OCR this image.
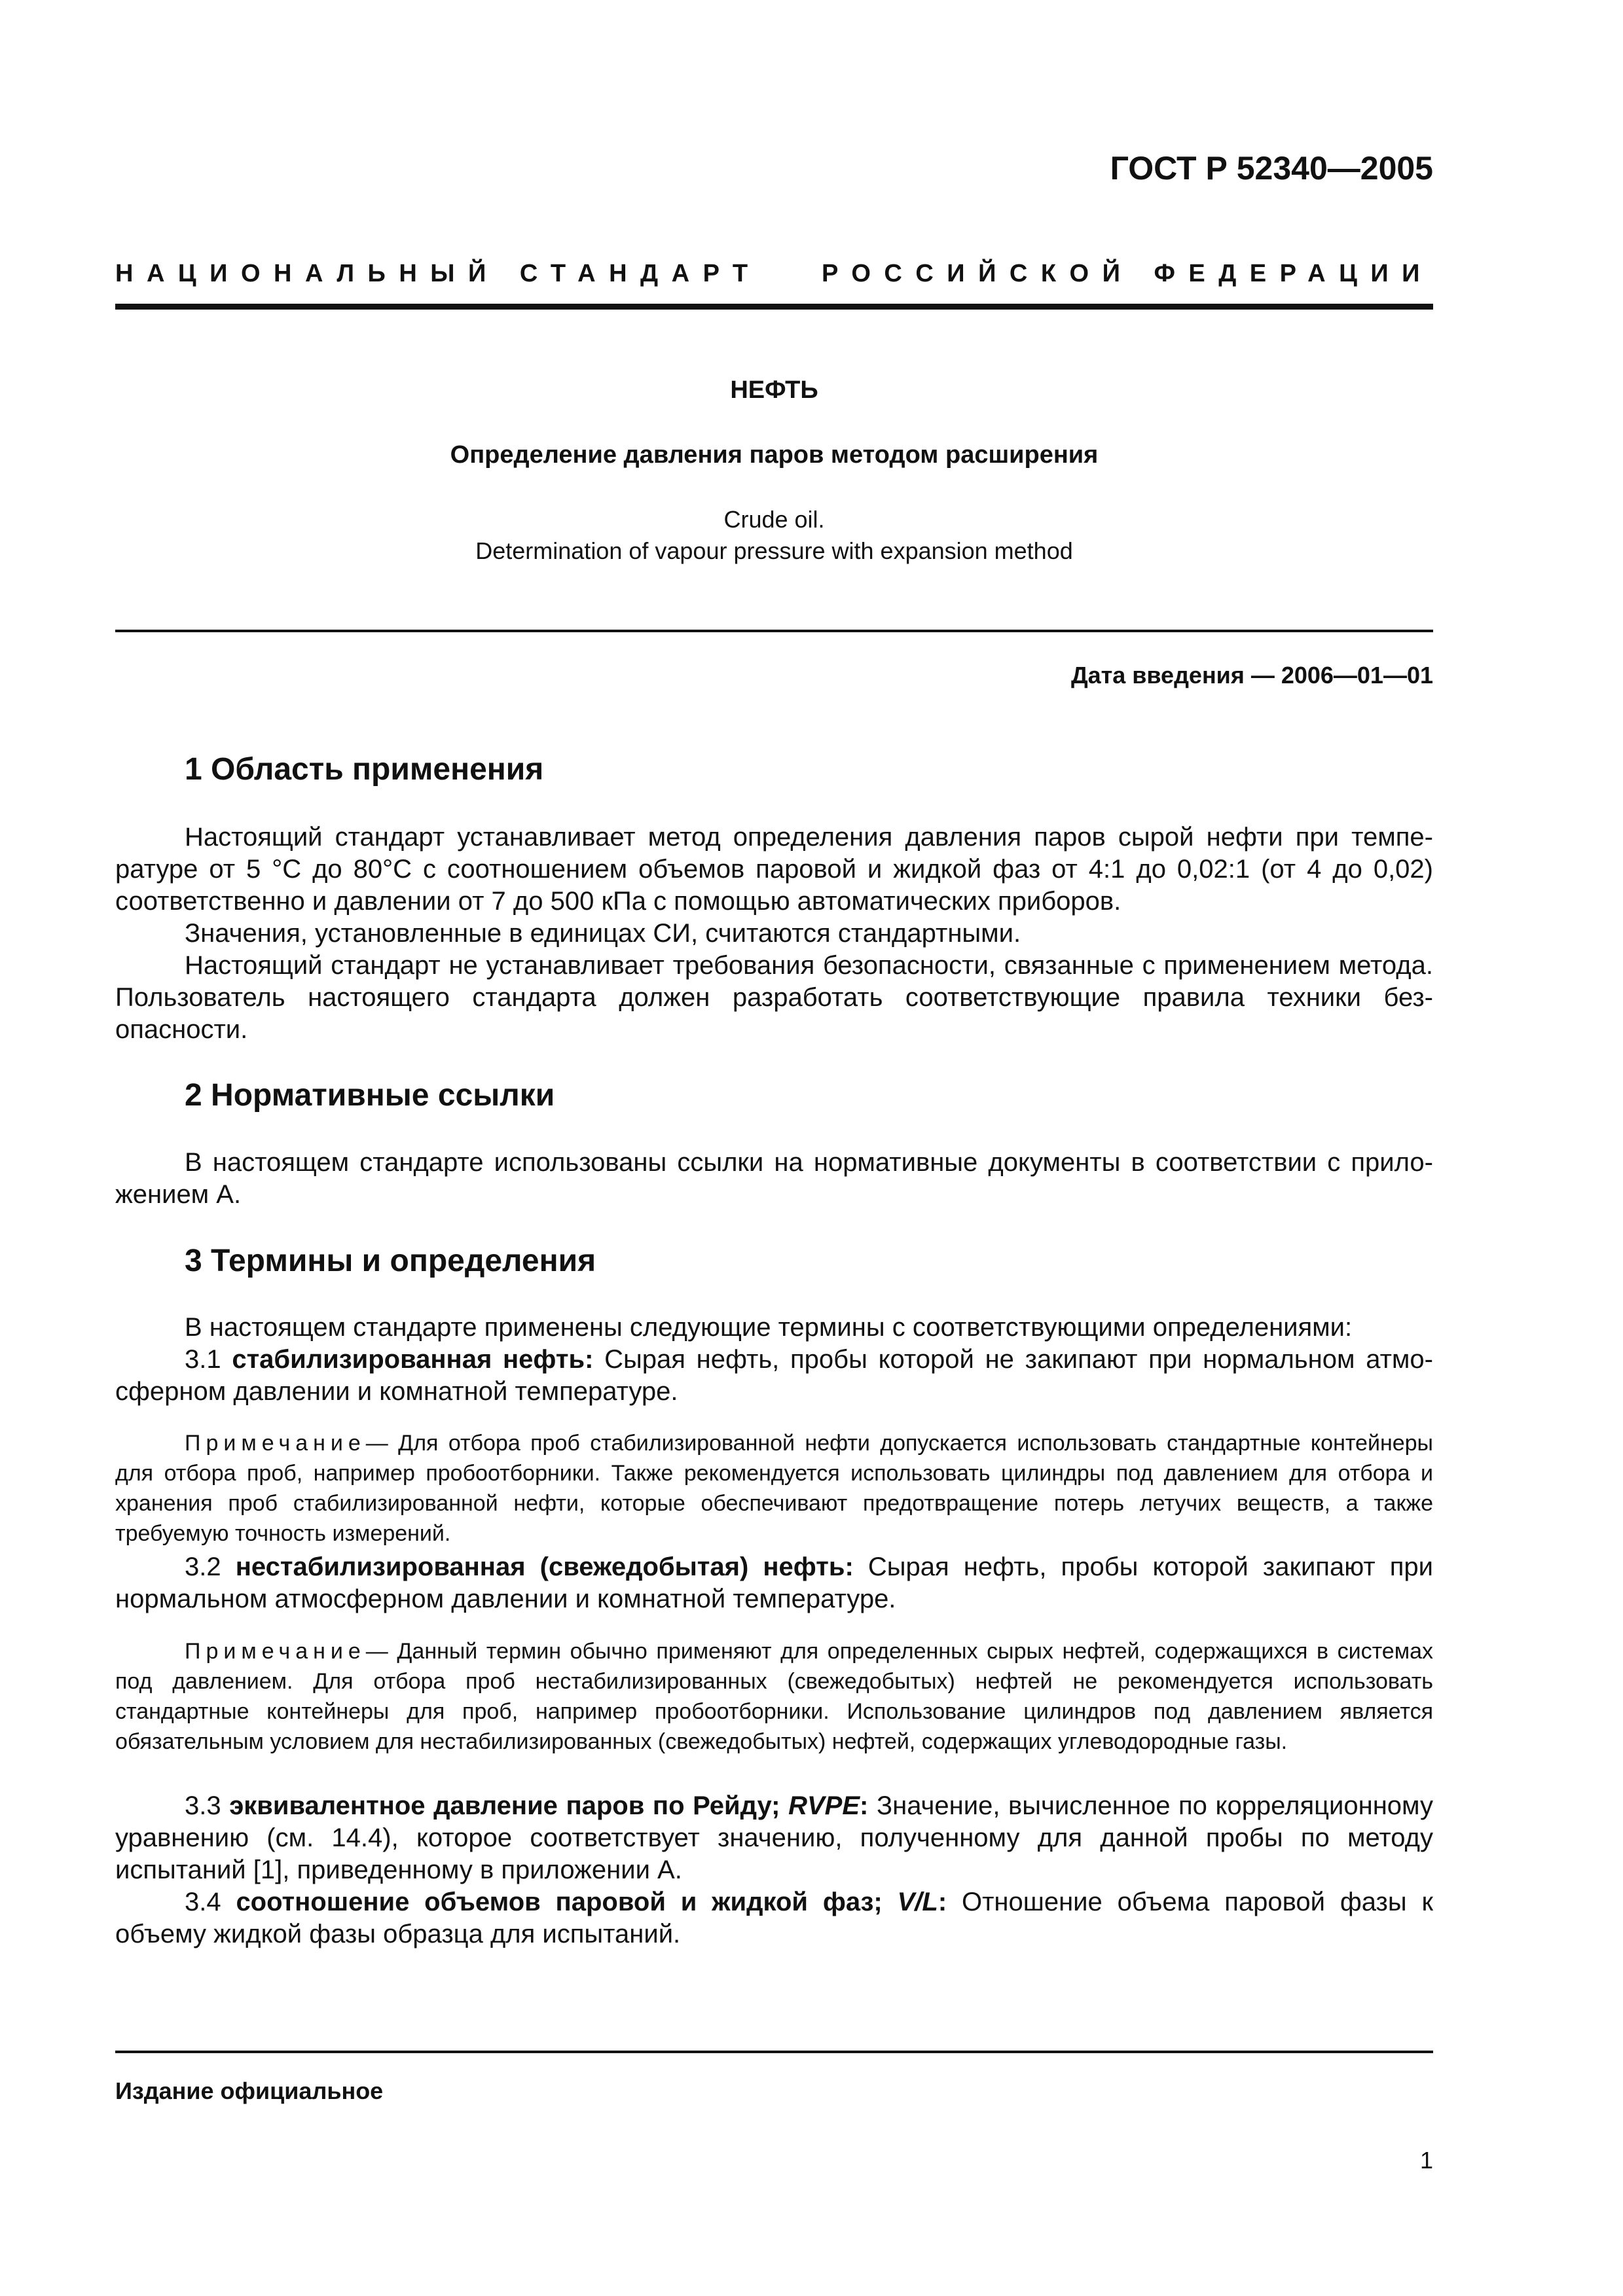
ГОСТ Р 52340—2005
НАЦИОНАЛЬНЫЙ СТАНДАРТ РОССИЙСКОЙ ФЕДЕРАЦИИ
НЕФТЬ
Определение давления паров методом расширения
Crude oil.
Determination of vapour pressure with expansion method
Дата введения — 2006—01—01
1 Область применения

Настоящий стандарт устанавливает метод определения давления паров сырой нефти при температуре от 5 °С до 80°С с соотношением объемов паровой и жидкой фаз от 4:1 до 0,02:1 (от 4 до 0,02) соответственно и давлении от 7 до 500 кПа с помощью автоматических приборов.

Значения, установленные в единицах СИ, считаются стандартными.

Настоящий стандарт не устанавливает требования безопасности, связанные с применением метода. Пользователь настоящего стандарта должен разработать соответствующие правила техники безопасности.

2 Нормативные ссылки

В настоящем стандарте использованы ссылки на нормативные документы в соответствии с приложением А.

3 Термины и определения

В настоящем стандарте применены следующие термины с соответствующими определениями:

3.1 стабилизированная нефть: Сырая нефть, пробы которой не закипают при нормальном атмосферном давлении и комнатной температуре.

Примечание— Для отбора проб стабилизированной нефти допускается использовать стандартные контейнеры для отбора проб, например пробоотборники. Также рекомендуется использовать цилиндры под давлением для отбора и хранения проб стабилизированной нефти, которые обеспечивают предотвращение потерь летучих веществ, а также требуемую точность измерений.

3.2 нестабилизированная (свежедобытая) нефть: Сырая нефть, пробы которой закипают при нормальном атмосферном давлении и комнатной температуре.

Примечание— Данный термин обычно применяют для определенных сырых нефтей, содержащихся в системах под давлением. Для отбора проб нестабилизированных (свежедобытых) нефтей не рекомендуется использовать стандартные контейнеры для проб, например пробоотборники. Использование цилиндров под давлением является обязательным условием для нестабилизированных (свежедобытых) нефтей, содержащих углеводородные газы.

3.3 эквивалентное давление паров по Рейду; RVPE: Значение, вычисленное по корреляционному уравнению (см. 14.4), которое соответствует значению, полученному для данной пробы по методу испытаний [1], приведенному в приложении А.

3.4 соотношение объемов паровой и жидкой фаз; V/L: Отношение объема паровой фазы к объему жидкой фазы образца для испытаний.

Издание официальное
1
